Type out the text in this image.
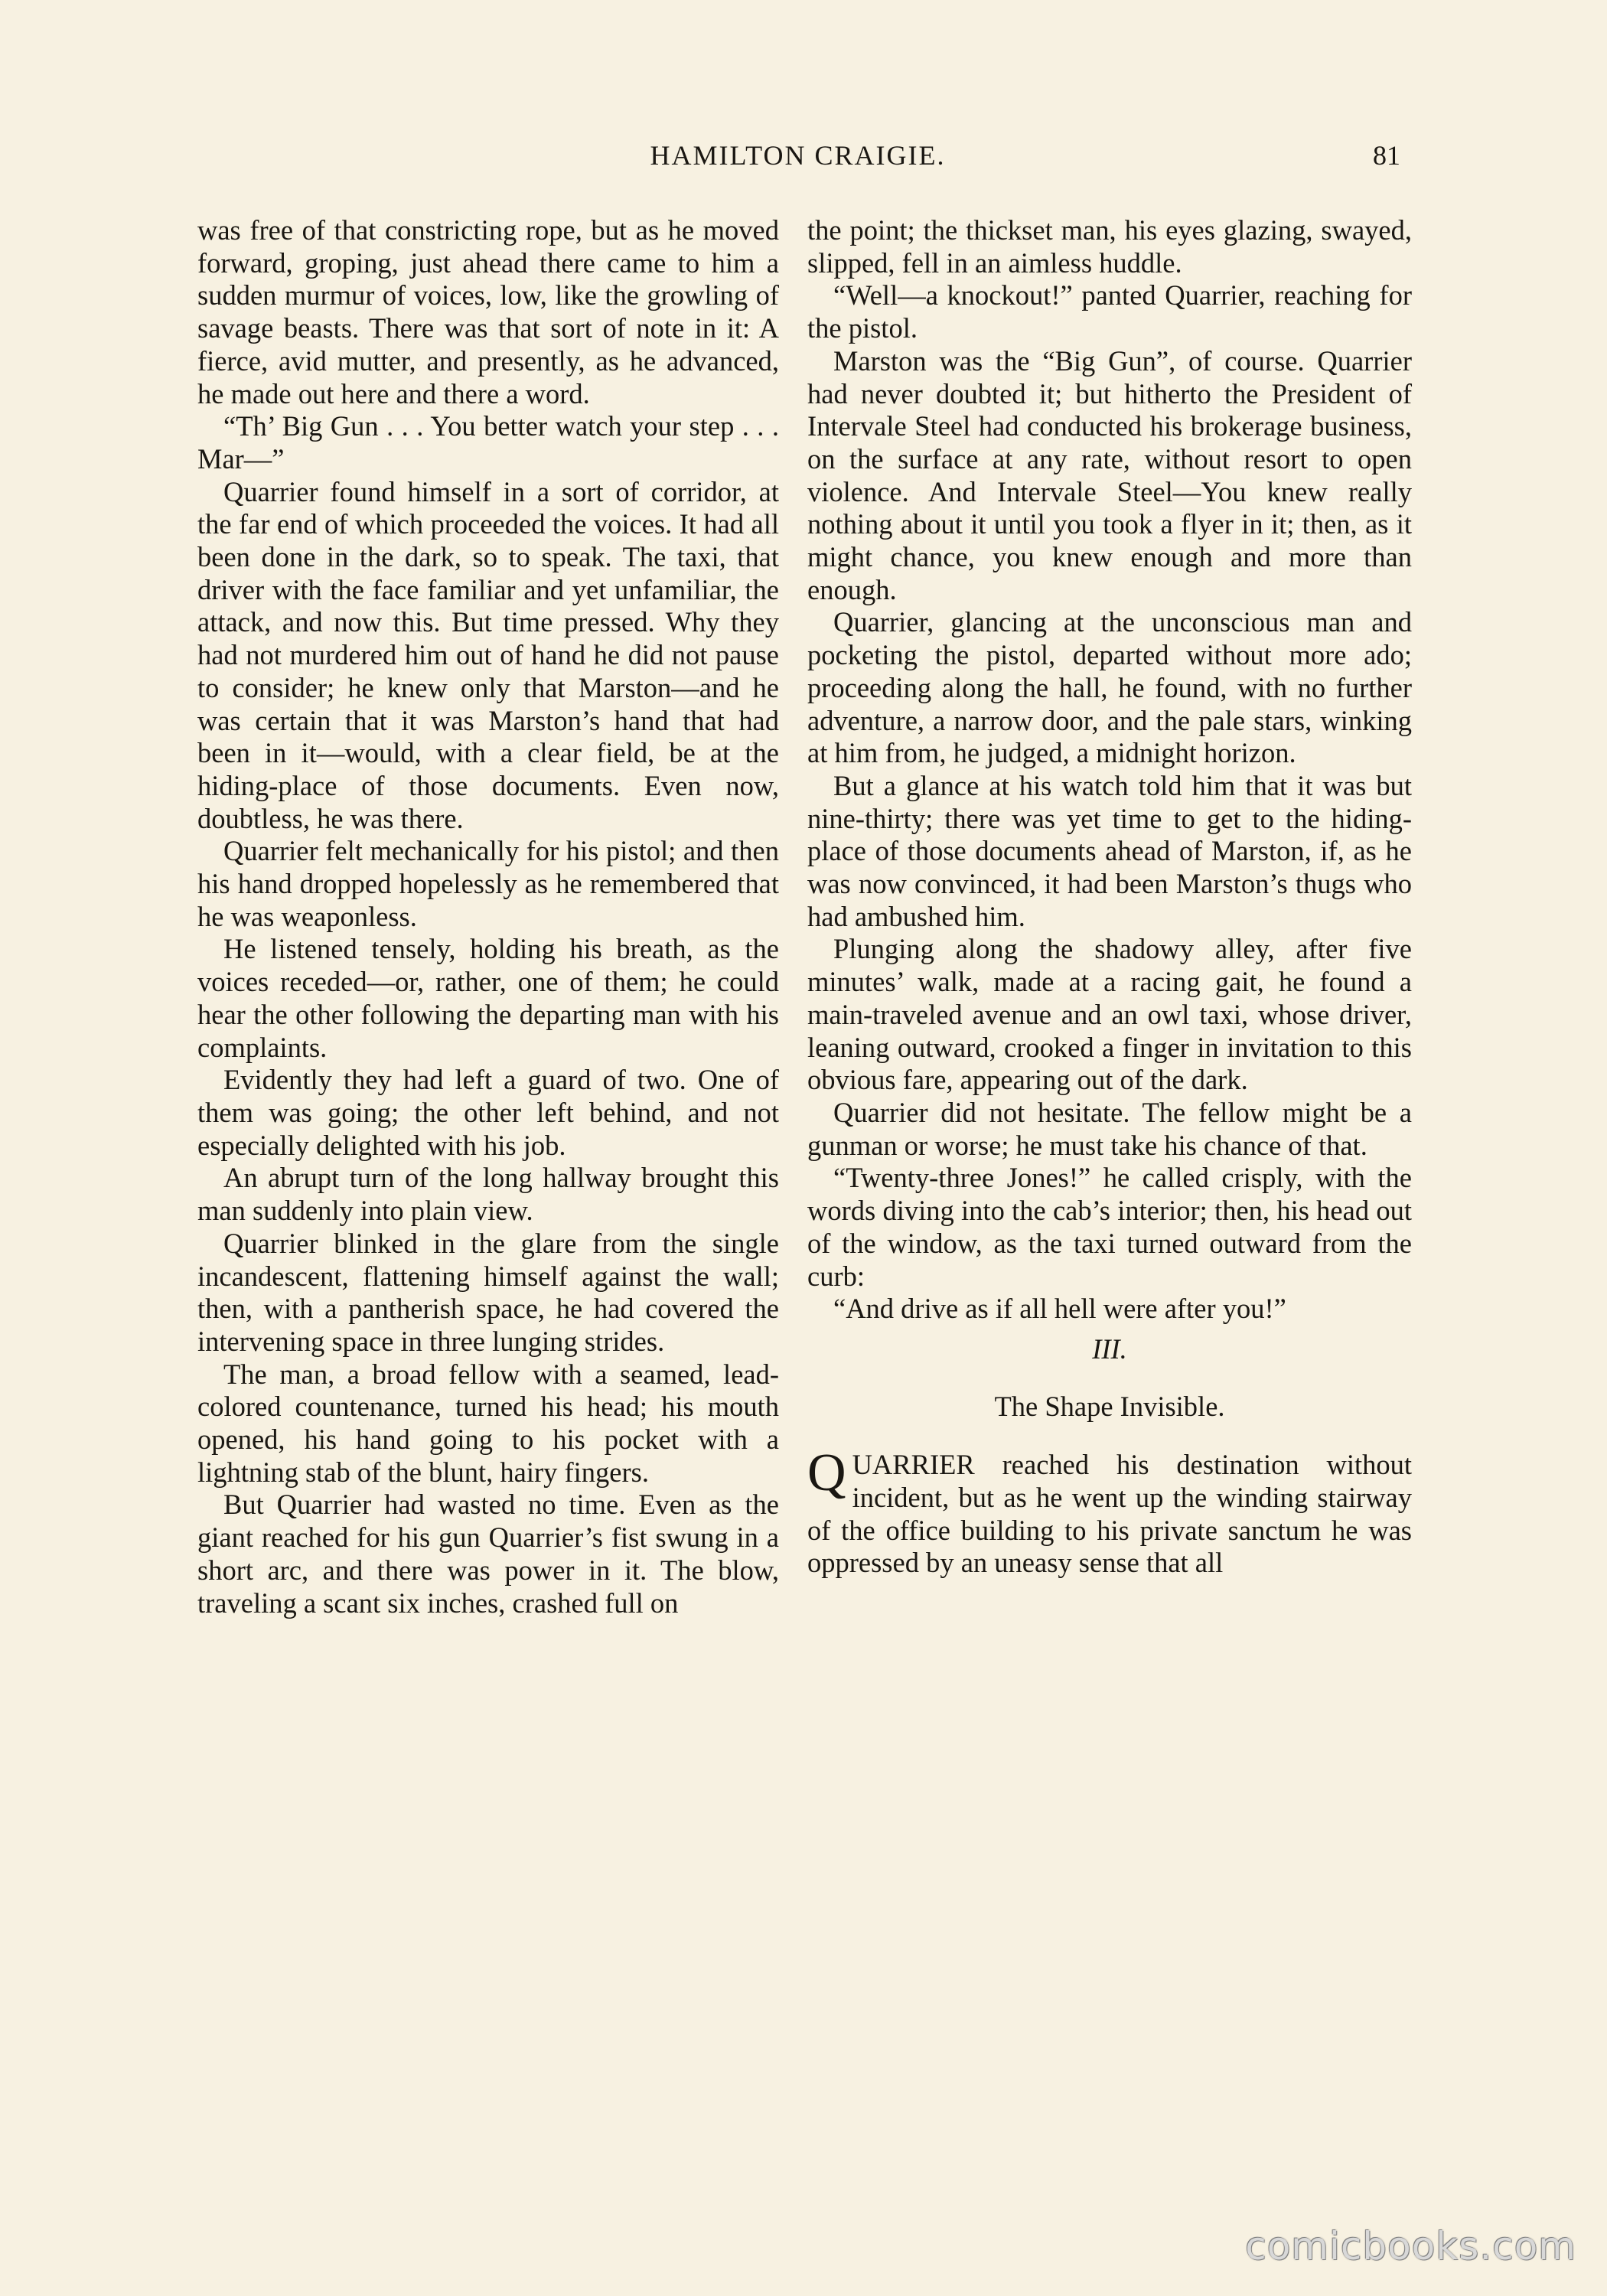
HAMILTON CRAIGIE.	81

was free of that constricting rope, but as he moved forward, groping, just ahead there came to him a sudden murmur of voices, low, like the growling of savage beasts. There was that sort of note in it: A fierce, avid mutter, and presently, as he advanced, he made out here and there a word.

“Th’ Big Gun . . . You better watch your step . . . Mar—”

Quarrier found himself in a sort of corridor, at the far end of which proceeded the voices. It had all been done in the dark, so to speak. The taxi, that driver with the face familiar and yet unfamiliar, the attack, and now this. But time pressed. Why they had not murdered him out of hand he did not pause to consider; he knew only that Marston—and he was certain that it was Marston’s hand that had been in it—would, with a clear field, be at the hiding-place of those documents. Even now, doubtless, he was there.

Quarrier felt mechanically for his pistol; and then his hand dropped hopelessly as he remembered that he was weaponless.

He listened tensely, holding his breath, as the voices receded—or, rather, one of them; he could hear the other following the departing man with his complaints.

Evidently they had left a guard of two. One of them was going; the other left behind, and not especially delighted with his job.

An abrupt turn of the long hallway brought this man suddenly into plain view.

Quarrier blinked in the glare from the single incandescent, flattening himself against the wall; then, with a pantherish space, he had covered the intervening space in three lunging strides.

The man, a broad fellow with a seamed, lead-colored countenance, turned his head; his mouth opened, his hand going to his pocket with a lightning stab of the blunt, hairy fingers.

But Quarrier had wasted no time. Even as the giant reached for his gun Quarrier’s fist swung in a short arc, and there was power in it. The blow, traveling a scant six inches, crashed full on

the point; the thickset man, his eyes glazing, swayed, slipped, fell in an aimless huddle.

“Well—a knockout!” panted Quarrier, reaching for the pistol.

Marston was the “Big Gun”, of course. Quarrier had never doubted it; but hitherto the President of Intervale Steel had conducted his brokerage business, on the surface at any rate, without resort to open violence. And Intervale Steel—You knew really nothing about it until you took a flyer in it; then, as it might chance, you knew enough and more than enough.

Quarrier, glancing at the unconscious man and pocketing the pistol, departed without more ado; proceeding along the hall, he found, with no further adventure, a narrow door, and the pale stars, winking at him from, he judged, a midnight horizon.

But a glance at his watch told him that it was but nine-thirty; there was yet time to get to the hiding-place of those documents ahead of Marston, if, as he was now convinced, it had been Marston’s thugs who had ambushed him.

Plunging along the shadowy alley, after five minutes’ walk, made at a racing gait, he found a main-traveled avenue and an owl taxi, whose driver, leaning outward, crooked a finger in invitation to this obvious fare, appearing out of the dark.

Quarrier did not hesitate. The fellow might be a gunman or worse; he must take his chance of that.

“Twenty-three Jones!” he called crisply, with the words diving into the cab’s interior; then, his head out of the window, as the taxi turned outward from the curb:

“And drive as if all hell were after you!”

III.

The Shape Invisible.

QUARRIER reached his destination without incident, but as he went up the winding stairway of the office building to his private sanctum he was oppressed by an uneasy sense that all

comicbooks.com
